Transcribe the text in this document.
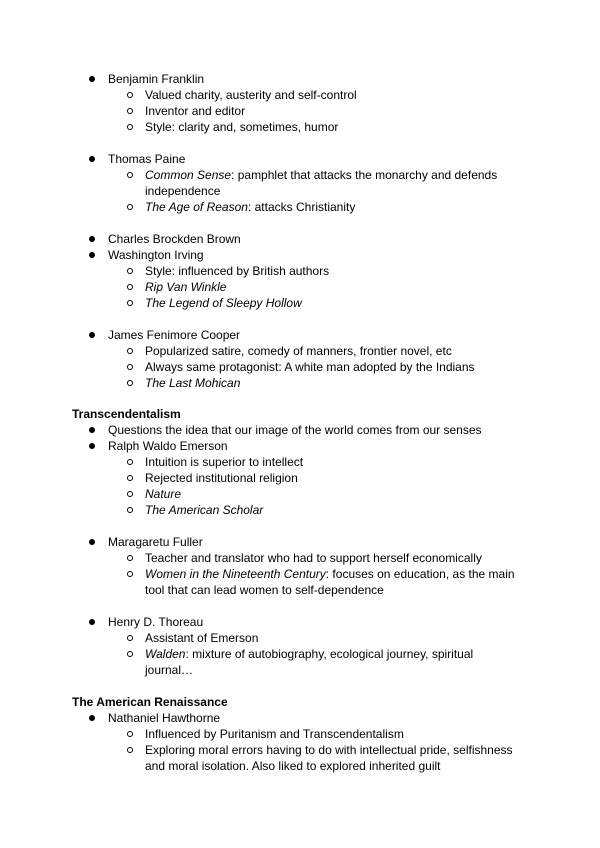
Benjamin Franklin
Valued charity, austerity and self-control
Inventor and editor
Style: clarity and, sometimes, humor
Thomas Paine
Common Sense: pamphlet that attacks the monarchy and defends
independence
The Age of Reason: attacks Christianity
Charles Brockden Brown
Washington Irving
Style: influenced by British authors
Rip Van Winkle
The Legend of Sleepy Hollow
James Fenimore Cooper
Popularized satire, comedy of manners, frontier novel, etc
Always same protagonist: A white man adopted by the Indians
The Last Mohican
Transcendentalism
Questions the idea that our image of the world comes from our senses
Ralph Waldo Emerson
Intuition is superior to intellect
Rejected institutional religion
Nature
The American Scholar
Maragaretu Fuller
Teacher and translator who had to support herself economically
Women in the Nineteenth Century: focuses on education, as the main
tool that can lead women to self-dependence
Henry D. Thoreau
Assistant of Emerson
Walden: mixture of autobiography, ecological journey, spiritual
journal…
The American Renaissance
Nathaniel Hawthorne
Influenced by Puritanism and Transcendentalism
Exploring moral errors having to do with intellectual pride, selfishness
and moral isolation. Also liked to explored inherited guilt
